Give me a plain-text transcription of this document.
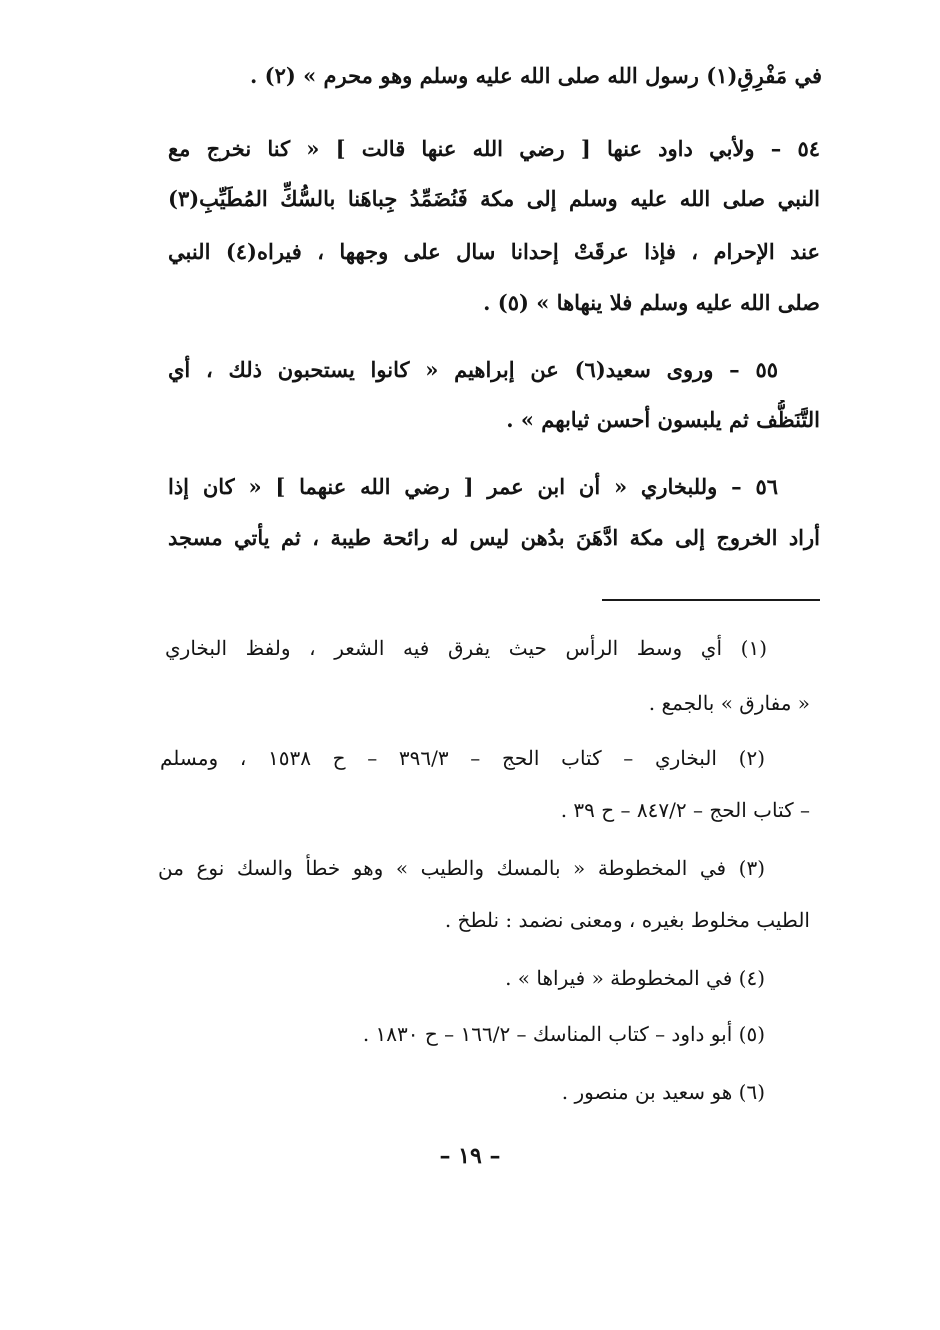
في مَفْرِقِ(١) رسول الله صلى الله عليه وسلم وهو محرم » (٢) .

٥٤ – ولأبي داود عنها [ رضي الله عنها قالت ] « كنا نخرج مع

النبي صلى الله عليه وسلم إلى مكة فَنُضَمِّدُ جِباهَنا بالسُّكِّ المُطَيِّبِ(٣)

عند الإحرام ، فإذا عرقَتْ إحدانا سال على وجهها ، فيراه(٤) النبي

صلى الله عليه وسلم فلا ينهاها » (٥) .

٥٥ – وروى سعيد(٦) عن إبراهيم « كانوا يستحبون ذلك ، أي

التَّنَظُّف ثم يلبسون أحسن ثيابهم » .

٥٦ – وللبخاري « أن ابن عمر [ رضي الله عنهما ] « كان إذا

أراد الخروج إلى مكة ادَّهَنَ بدُهن ليس له رائحة طيبة ، ثم يأتي مسجد

(١) أي وسط الرأس حيث يفرق فيه الشعر ، ولفظ البخاري

« مفارق » بالجمع .

(٢) البخاري – كتاب الحج – ٣٩٦/٣ – ح ١٥٣٨ ، ومسلم

– كتاب الحج – ٨٤٧/٢ – ح ٣٩ .

(٣) في المخطوطة « بالمسك والطيب » وهو خطأ والسك نوع من

الطيب مخلوط بغيره ، ومعنى نضمد : نلطخ .

(٤) في المخطوطة « فيراها » .

(٥) أبو داود – كتاب المناسك – ١٦٦/٢ – ح ١٨٣٠ .

(٦) هو سعيد بن منصور .

– ١٩ –
